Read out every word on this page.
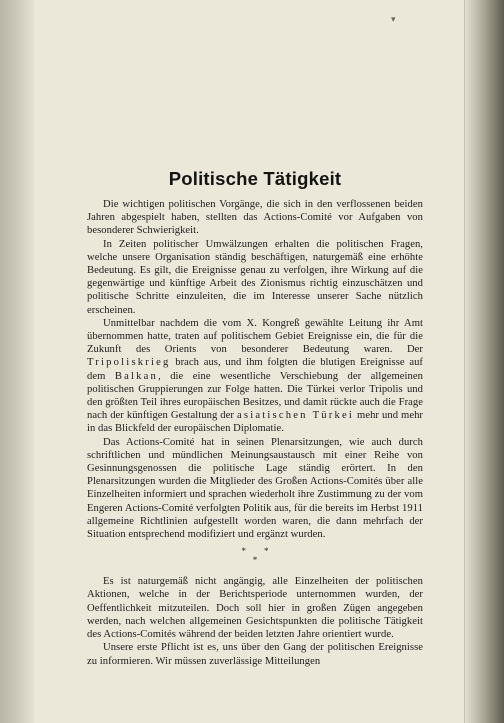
▾
Politische Tätigkeit

Die wichtigen politischen Vorgänge, die sich in den verflossenen beiden Jahren abgespielt haben, stellten das Actions-Comité vor Aufgaben von besonderer Schwierigkeit.

In Zeiten politischer Umwälzungen erhalten die politischen Fragen, welche unsere Organisation ständig beschäftigen, naturgemäß eine erhöhte Bedeutung. Es gilt, die Ereignisse genau zu verfolgen, ihre Wirkung auf die gegenwärtige und künftige Arbeit des Zionismus richtig einzuschätzen und politische Schritte einzuleiten, die im Interesse unserer Sache nützlich erscheinen.

Unmittelbar nachdem die vom X. Kongreß gewählte Leitung ihr Amt übernommen hatte, traten auf politischem Gebiet Ereignisse ein, die für die Zukunft des Orients von besonderer Bedeutung waren. Der Tripoliskrieg brach aus, und ihm folgten die blutigen Ereignisse auf dem Balkan, die eine wesentliche Verschiebung der allgemeinen politischen Gruppierungen zur Folge hatten. Die Türkei verlor Tripolis und den größten Teil ihres europäischen Besitzes, und damit rückte auch die Frage nach der künftigen Gestaltung der asiatischen Türkei mehr und mehr in das Blickfeld der europäischen Diplomatie.

Das Actions-Comité hat in seinen Plenarsitzungen, wie auch durch schriftlichen und mündlichen Meinungsaustausch mit einer Reihe von Gesinnungsgenossen die politische Lage ständig erörtert. In den Plenarsitzungen wurden die Mitglieder des Großen Actions-Comités über alle Einzelheiten informiert und sprachen wiederholt ihre Zustimmung zu der vom Engeren Actions-Comité verfolgten Politik aus, für die bereits im Herbst 1911 allgemeine Richtlinien aufgestellt worden waren, die dann mehrfach der Situation entsprechend modifiziert und ergänzt wurden.

*  *
*

Es ist naturgemäß nicht angängig, alle Einzelheiten der politischen Aktionen, welche in der Berichtsperiode unternommen wurden, der Oeffentlichkeit mitzuteilen. Doch soll hier in großen Zügen angegeben werden, nach welchen allgemeinen Gesichtspunkten die politische Tätigkeit des Actions-Comités während der beiden letzten Jahre orientiert wurde.

Unsere erste Pflicht ist es, uns über den Gang der politischen Ereignisse zu informieren. Wir müssen zuverlässige Mitteilungen
